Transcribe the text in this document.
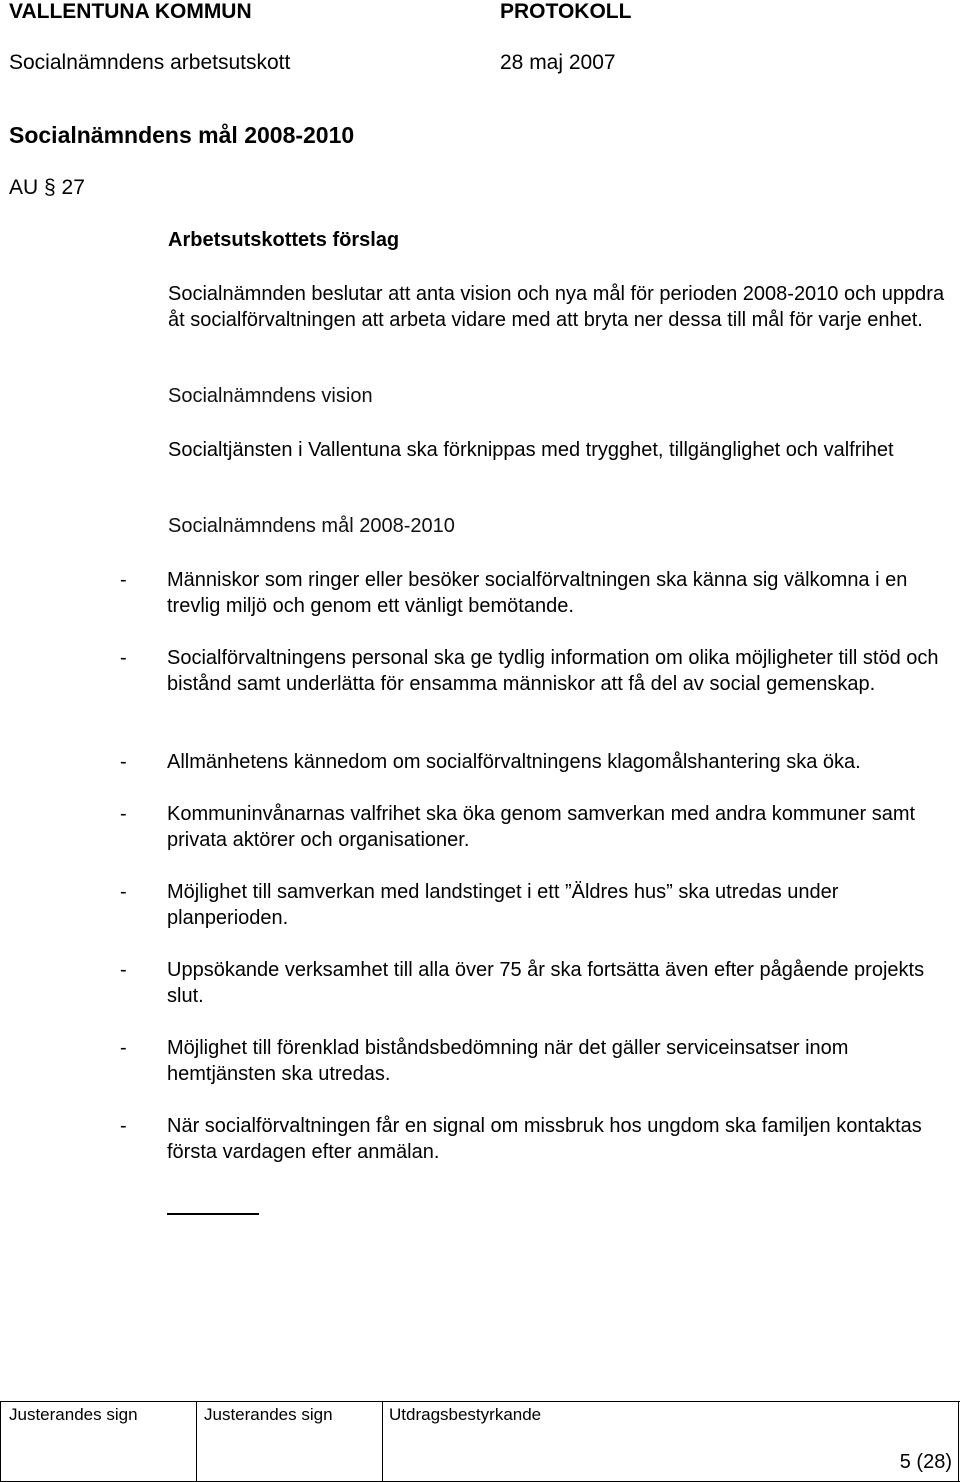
VALLENTUNA KOMMUN	PROTOKOLL
Socialnämndens arbetsutskott	28 maj 2007
Socialnämndens mål 2008-2010
AU § 27
Arbetsutskottets förslag
Socialnämnden beslutar att anta vision och nya mål för perioden 2008-2010 och uppdra åt socialförvaltningen att arbeta vidare med att bryta ner dessa till mål för varje enhet.
Socialnämndens vision
Socialtjänsten i Vallentuna ska förknippas med trygghet, tillgänglighet och valfrihet
Socialnämndens mål 2008-2010
- Människor som ringer eller besöker socialförvaltningen ska känna sig välkomna i en trevlig miljö och genom ett vänligt bemötande.
- Socialförvaltningens personal ska ge tydlig information om olika möjligheter till stöd och bistånd samt underlätta för ensamma människor att få del av social gemenskap.
- Allmänhetens kännedom om socialförvaltningens klagomålshantering ska öka.
- Kommuninvånarnas valfrihet ska öka genom samverkan med andra kommuner samt privata aktörer och organisationer.
- Möjlighet till samverkan med landstinget i ett ”Äldres hus” ska utredas under planperioden.
- Uppsökande verksamhet till alla över 75 år ska fortsätta även efter pågående projekts slut.
- Möjlighet till förenklad biståndsbedömning när det gäller serviceinsatser inom hemtjänsten ska utredas.
- När socialförvaltningen får en signal om missbruk hos ungdom ska familjen kontaktas första vardagen efter anmälan.
Justerandes sign	Justerandes sign	Utdragsbestyrkande
5 (28)
